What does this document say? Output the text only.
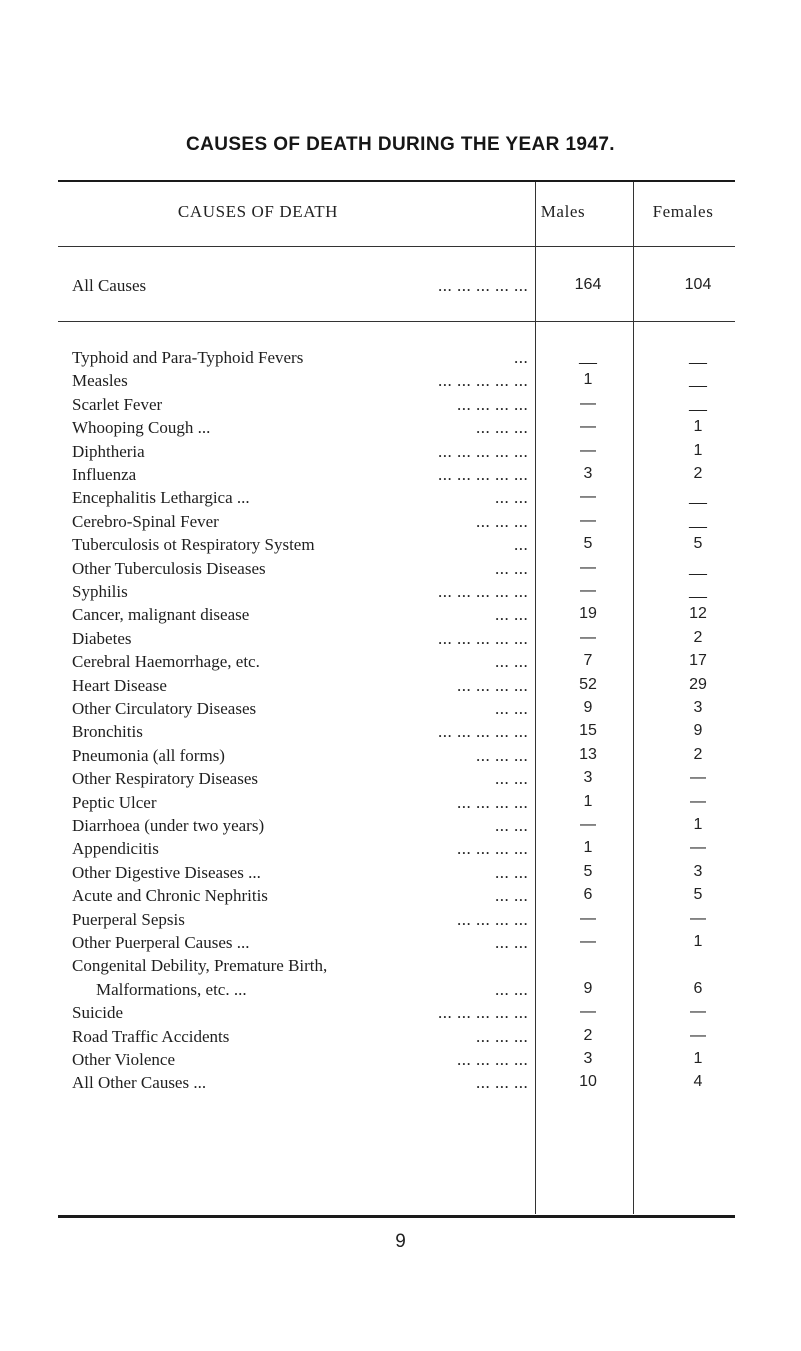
CAUSES OF DEATH DURING THE YEAR 1947.
CAUSES OF DEATH	Males	Females
All Causes	... ... ... ... ...	164	104
Typhoid and Para-Typhoid Fevers	...	__	__
Measles	... ... ... ... ...	1	__
Scarlet Fever	... ... ... ...	—	__
Whooping Cough ...	... ... ...	—	1
Diphtheria	... ... ... ... ...	—	1
Influenza	... ... ... ... ...	3	2
Encephalitis Lethargica ...	... ...	—	__
Cerebro-Spinal Fever	... ... ...	—	__
Tuberculosis ot Respiratory System	...	5	5
Other Tuberculosis Diseases	... ...	—	__
Syphilis	... ... ... ... ...	—	__
Cancer, malignant disease	... ...	19	12
Diabetes	... ... ... ... ...	—	2
Cerebral Haemorrhage, etc.	... ...	7	17
Heart Disease	... ... ... ...	52	29
Other Circulatory Diseases	... ...	9	3
Bronchitis	... ... ... ... ...	15	9
Pneumonia (all forms)	... ... ...	13	2
Other Respiratory Diseases	... ...	3	—
Peptic Ulcer	... ... ... ...	1	—
Diarrhoea (under two years)	... ...	—	1
Appendicitis	... ... ... ...	1	—
Other Digestive Diseases ...	... ...	5	3
Acute and Chronic Nephritis	... ...	6	5
Puerperal Sepsis	... ... ... ...	—	—
Other Puerperal Causes ...	... ...	—	1
Congenital Debility, Premature Birth,
Malformations, etc. ...	... ...	9	6
Suicide	... ... ... ... ...	—	—
Road Traffic Accidents	... ... ...	2	—
Other Violence	... ... ... ...	3	1
All Other Causes ...	... ... ...	10	4
9
